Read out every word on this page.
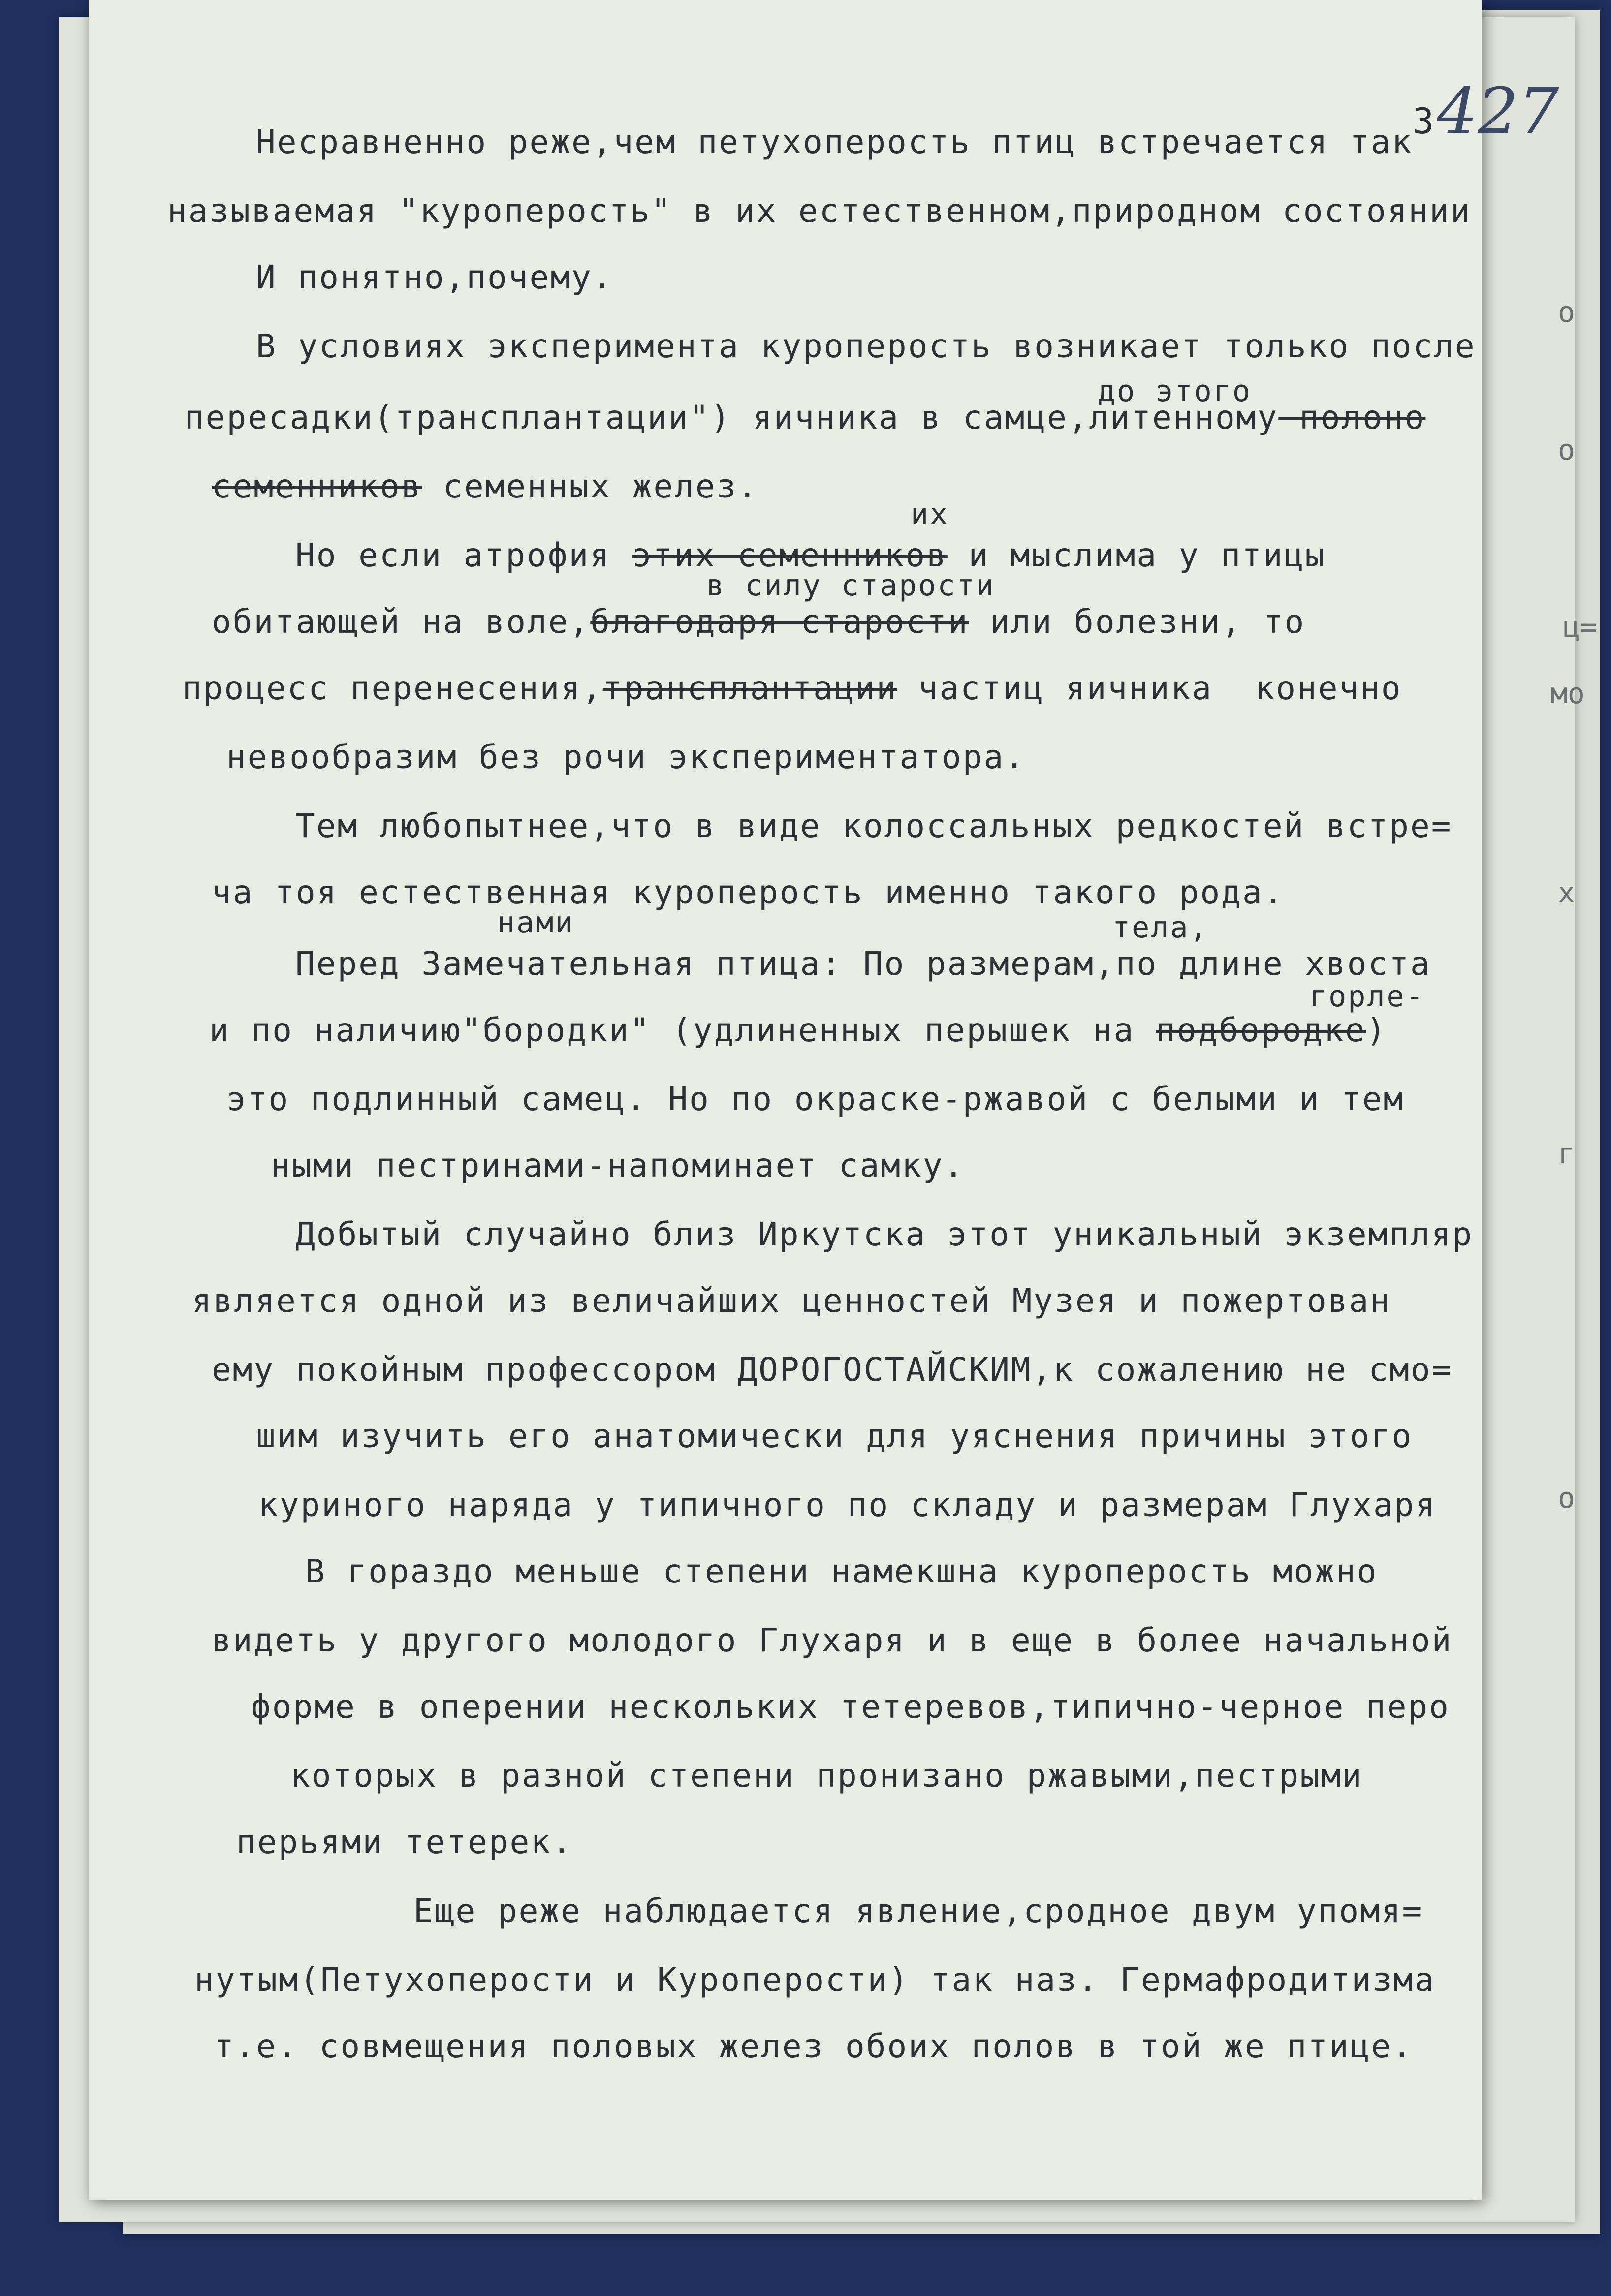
3427
Несравненно реже,чем петухоперость птиц встречается так
называемая "куроперость" в их естественном,природном состоянии
И понятно,почему.
В условиях эксперимента куроперость возникает только после
до этого
пересадки(трансплантации") яичника в самце,литенному полоно
семенников семенных желез.
их
Но если атрофия этих семенников и мыслима у птицы
в силу старости
обитающей на воле,благодаря старости или болезни, то
процесс перенесения,трансплантации частиц яичника  конечно
невообразим без рочи экспериментатора.
Тем любопытнее,что в виде колоссальных редкостей встре=
ча тоя естественная куроперость именно такого рода.
нами	тела,
Перед Замечательная птица: По размерам,по длине хвоста
горле-
и по наличию"бородки" (удлиненных перышек на подбородке)
это подлинный самец. Но по окраске-ржавой с белыми и тем
ными пестринами-напоминает самку.
Добытый случайно близ Иркутска этот уникальный экземпляр
является одной из величайших ценностей Музея и пожертован
ему покойным профессором ДОРОГОСТАЙСКИМ,к сожалению не смо=
шим изучить его анатомически для уяснения причины этого
куриного наряда у типичного по складу и размерам Глухаря
В гораздо меньше степени намекшна куроперость можно
видеть у другого молодого Глухаря и в еще в более начальной
форме в оперении нескольких тетеревов,типично-черное перо
которых в разной степени пронизано ржавыми,пестрыми
перьями тетерек.
Еще реже наблюдается явление,сродное двум упомя=
нутым(Петухоперости и Куроперости) так наз. Гермафродитизма
т.е. совмещения половых желез обоих полов в той же птице.
о
о
ц=
мо
х
г
о
